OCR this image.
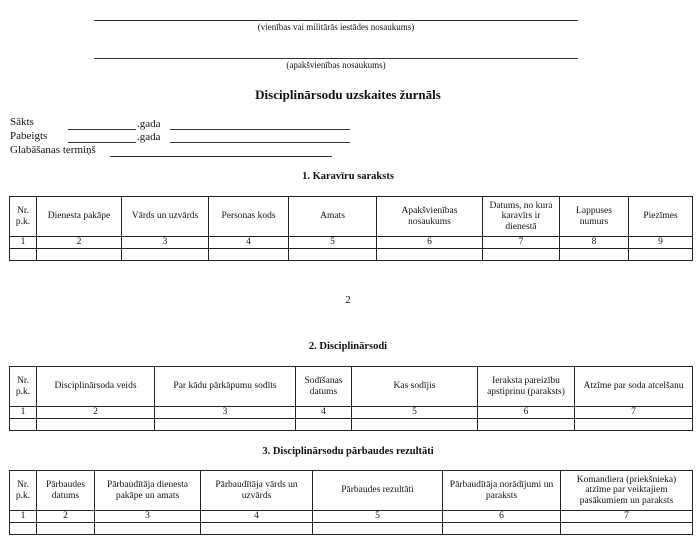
(vienības vai militārās iestādes nosaukums)
(apakšvienības nosaukums)
Disciplinārsodu uzskaites žurnāls
Sākts	.gada
Pabeigts	.gada
Glabāšanas termiņš
1. Karavīru saraksts
Nr. p.k.	Dienesta pakāpe	Vārds un uzvārds	Personas kods	Amats	Apakšvienības nosaukums	Datums, no kura karavīrs ir dienestā	Lappuses numurs	Piezīmes
1	2	3	4	5	6	7	8	9

2
2. Disciplinārsodi
Nr. p.k.	Disciplinārsoda veids	Par kādu pārkāpumu sodīts	Sodīšanas datums	Kas sodījis	Ieraksta pareizību apstiprinu (paraksts)	Atzīme par soda atcelšanu
1	2	3	4	5	6	7

3. Disciplinārsodu pārbaudes rezultāti
Nr. p.k.	Pārbaudes datums	Pārbaudītāja dienesta pakāpe un amats	Pārbaudītāja vārds un uzvārds	Pārbaudes rezultāti	Pārbaudītāja norādījumi un paraksts	Komandiera (priekšnieka) atzīme par veiktajiem pasākumiem un paraksts
1	2	3	4	5	6	7
